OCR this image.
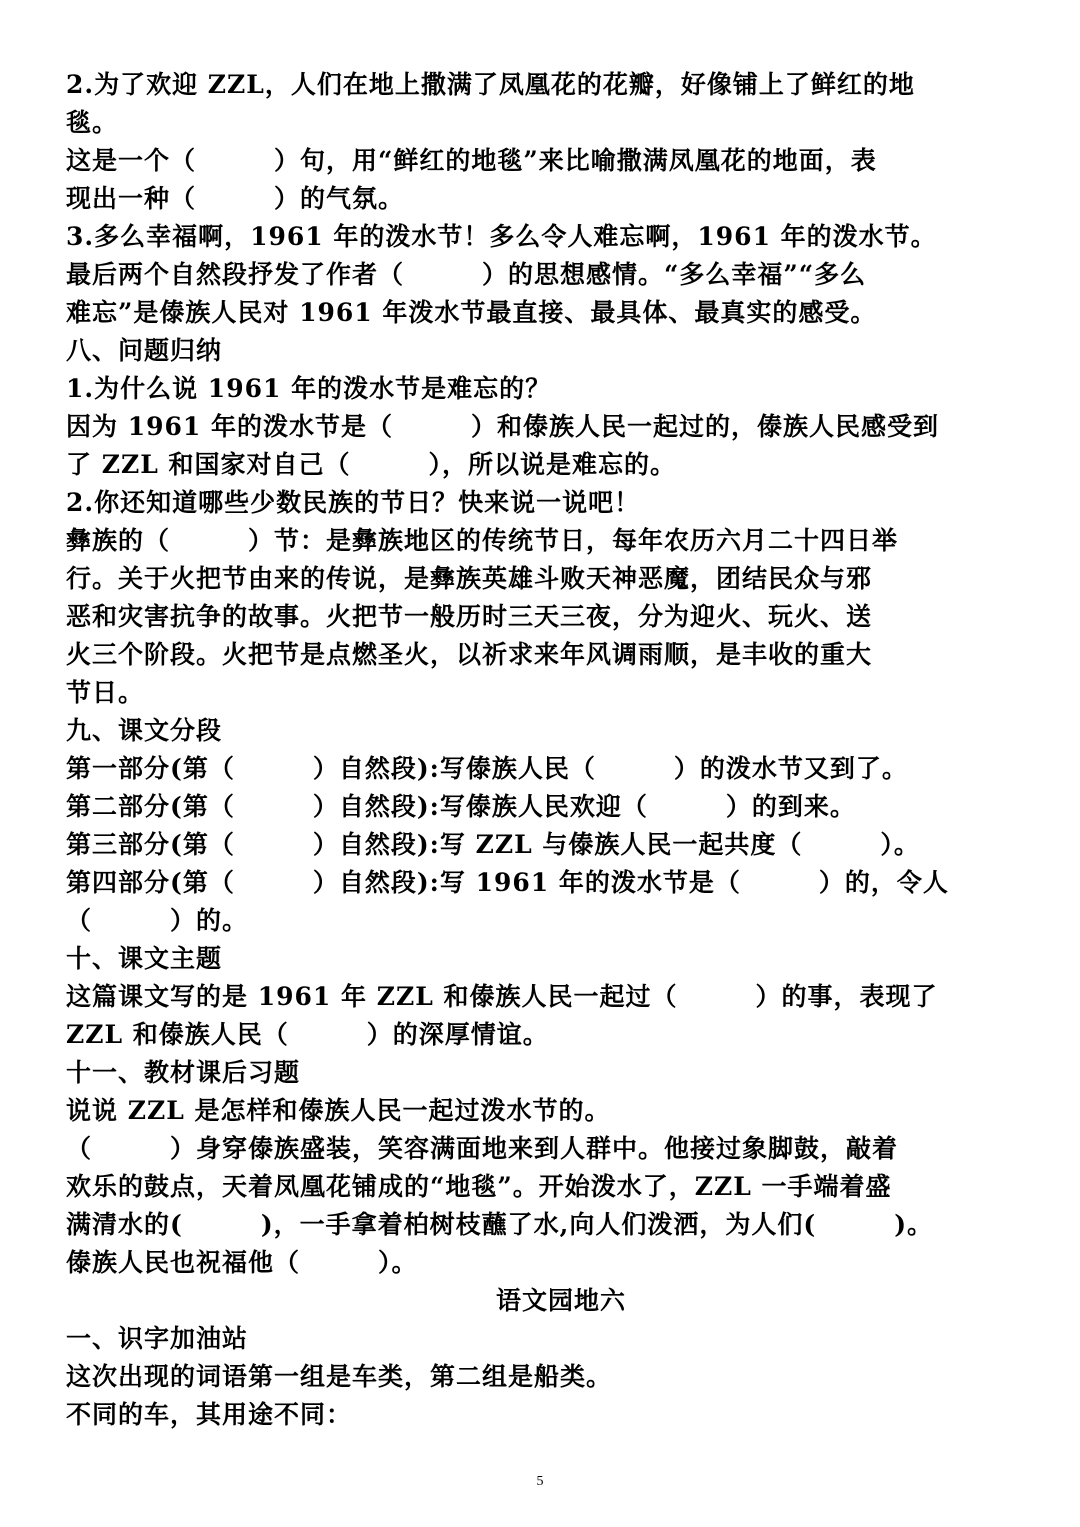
2.为了欢迎 ZZL，人们在地上撒满了凤凰花的花瓣，好像铺上了鲜红的地
毯。
这是一个（　　　）句，用“鲜红的地毯”来比喻撒满凤凰花的地面，表
现出一种（　　　）的气氛。
3.多么幸福啊，1961 年的泼水节！多么令人难忘啊，1961 年的泼水节。
最后两个自然段抒发了作者（　　　）的思想感情。“多么幸福”“多么
难忘”是傣族人民对 1961 年泼水节最直接、最具体、最真实的感受。
八、问题归纳
1.为什么说 1961 年的泼水节是难忘的？
因为 1961 年的泼水节是（　　　）和傣族人民一起过的，傣族人民感受到
了 ZZL 和国家对自己（　　　），所以说是难忘的。
2.你还知道哪些少数民族的节日？快来说一说吧！
彝族的（　　　）节：是彝族地区的传统节日，每年农历六月二十四日举
行。关于火把节由来的传说，是彝族英雄斗败天神恶魔，团结民众与邪
恶和灾害抗争的故事。火把节一般历时三天三夜，分为迎火、玩火、送
火三个阶段。火把节是点燃圣火，以祈求来年风调雨顺，是丰收的重大
节日。
九、课文分段
第一部分(第（　　　）自然段):写傣族人民（　　　）的泼水节又到了。
第二部分(第（　　　）自然段):写傣族人民欢迎（　　　）的到来。
第三部分(第（　　　）自然段):写 ZZL 与傣族人民一起共度（　　　）。
第四部分(第（　　　）自然段):写 1961 年的泼水节是（　　　）的，令人
（　　　）的。
十、课文主题
这篇课文写的是 1961 年 ZZL 和傣族人民一起过（　　　）的事，表现了
ZZL 和傣族人民（　　　）的深厚情谊。
十一、教材课后习题
说说 ZZL 是怎样和傣族人民一起过泼水节的。
（　　　）身穿傣族盛装，笑容满面地来到人群中。他接过象脚鼓，敲着
欢乐的鼓点，天着凤凰花铺成的“地毯”。开始泼水了，ZZL 一手端着盛
满清水的(　　　)，一手拿着柏树枝蘸了水,向人们泼洒，为人们(　　　)。
傣族人民也祝福他（　　　）。
语文园地六
一、识字加油站
这次出现的词语第一组是车类，第二组是船类。
不同的车，其用途不同：
5
